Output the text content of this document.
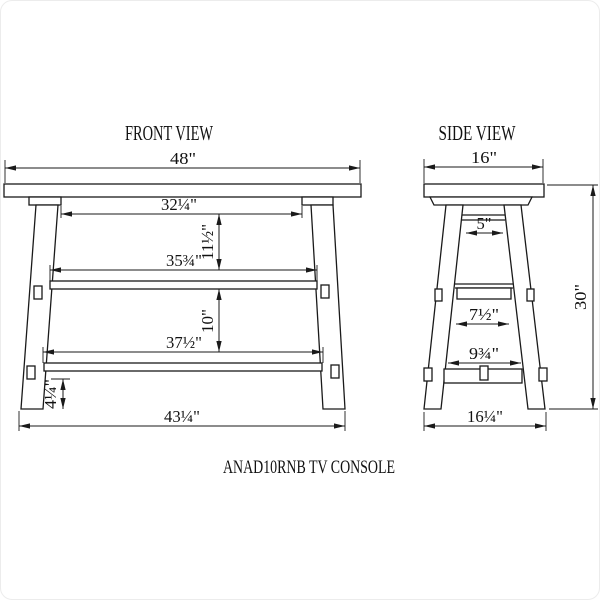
FRONT VIEW
48"
32¼"
11½"
35¾"
10"
37½"
4¼"
43¼"
SIDE VIEW
16"
5"
7½"
9¾"
30"
16¼"
ANAD10RNB TV CONSOLE
